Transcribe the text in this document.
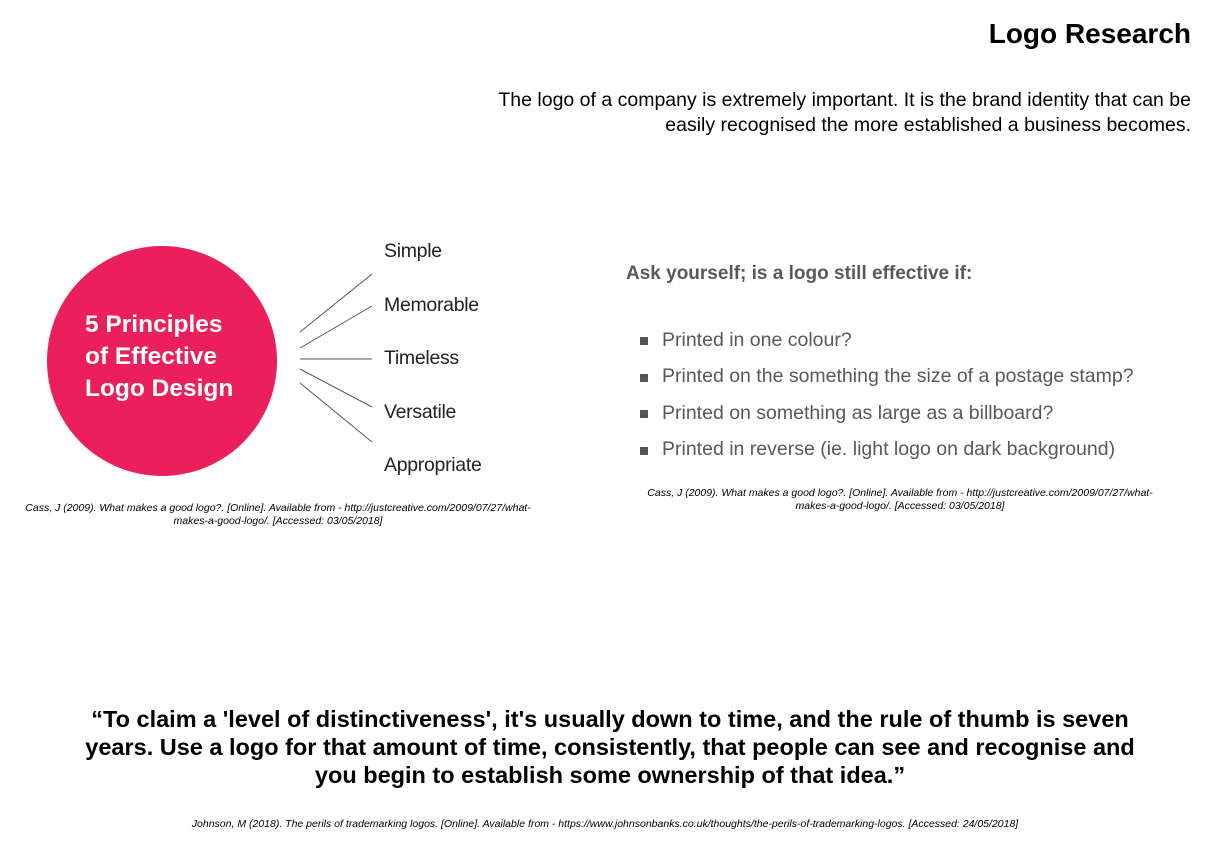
Logo Research
The logo of a company is extremely important. It is the brand identity that can be
easily recognised the more established a business becomes.
5 Principles
of Effective
Logo Design
Simple
Memorable
Timeless
Versatile
Appropriate
Cass, J (2009). What makes a good logo?. [Online]. Available from - http://justcreative.com/2009/07/27/what-
makes-a-good-logo/. [Accessed: 03/05/2018]
Ask yourself; is a logo still effective if:
Printed in one colour?
Printed on the something the size of a postage stamp?
Printed on something as large as a billboard?
Printed in reverse (ie. light logo on dark background)
Cass, J (2009). What makes a good logo?. [Online]. Available from - http://justcreative.com/2009/07/27/what-
makes-a-good-logo/. [Accessed: 03/05/2018]
“To claim a 'level of distinctiveness', it's usually down to time, and the rule of thumb is seven
years. Use a logo for that amount of time, consistently, that people can see and recognise and
you begin to establish some ownership of that idea.”
Johnson, M (2018). The perils of trademarking logos. [Online]. Available from - https://www.johnsonbanks.co.uk/thoughts/the-perils-of-trademarking-logos. [Accessed: 24/05/2018]
